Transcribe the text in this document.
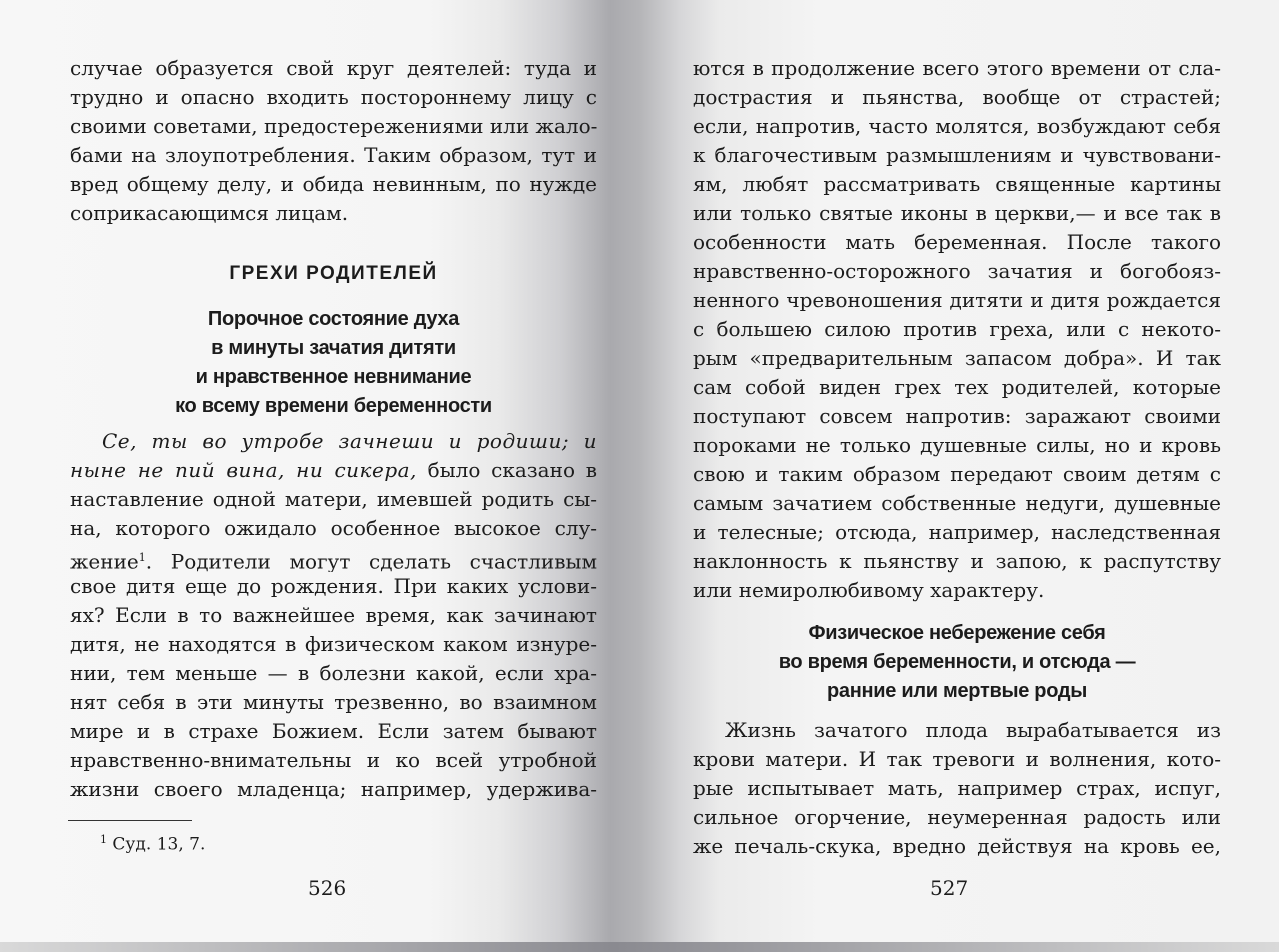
случае образуется свой круг деятелей: туда и
трудно и опасно входить постороннему лицу с
своими советами, предостережениями или жало-
бами на злоупотребления. Таким образом, тут и
вред общему делу, и обида невинным, по нужде
соприкасающимся лицам.
ГРЕХИ РОДИТЕЛЕЙ
Порочное состояние духа
в минуты зачатия дитяти
и нравственное невнимание
ко всему времени беременности
Се, ты во утробе зачнеши и родиши; и
ныне не пий вина, ни сикера, было сказано в
наставление одной матери, имевшей родить сы-
на, которого ожидало особенное высокое слу-
жение$^1$. Родители могут сделать счастливым
свое дитя еще до рождения. При каких услови-
ях? Если в то важнейшее время, как зачинают
дитя, не находятся в физическом каком изнуре-
нии, тем меньше — в болезни какой, если хра-
нят себя в эти минуты трезвенно, во взаимном
мире и в страхе Божием. Если затем бывают
нравственно-внимательны и ко всей утробной
жизни своего младенца; например, удержива-
$^1$ Суд. 13, 7.
526
ются в продолжение всего этого времени от сла-
дострастия и пьянства, вообще от страстей;
если, напротив, часто молятся, возбуждают себя
к благочестивым размышлениям и чувствовани-
ям, любят рассматривать священные картины
или только святые иконы в церкви,— и все так в
особенности мать беременная. После такого
нравственно-осторожного зачатия и богобояз-
ненного чревоношения дитяти и дитя рождается
с большею силою против греха, или с некото-
рым «предварительным запасом добра». И так
сам собой виден грех тех родителей, которые
поступают совсем напротив: заражают своими
пороками не только душевные силы, но и кровь
свою и таким образом передают своим детям с
самым зачатием собственные недуги, душевные
и телесные; отсюда, например, наследственная
наклонность к пьянству и запою, к распутству
или немиролюбивому характеру.
Физическое небережение себя
во время беременности, и отсюда —
ранние или мертвые роды
Жизнь зачатого плода вырабатывается из
крови матери. И так тревоги и волнения, кото-
рые испытывает мать, например страх, испуг,
сильное огорчение, неумеренная радость или
же печаль-скука, вредно действуя на кровь ее,
527
